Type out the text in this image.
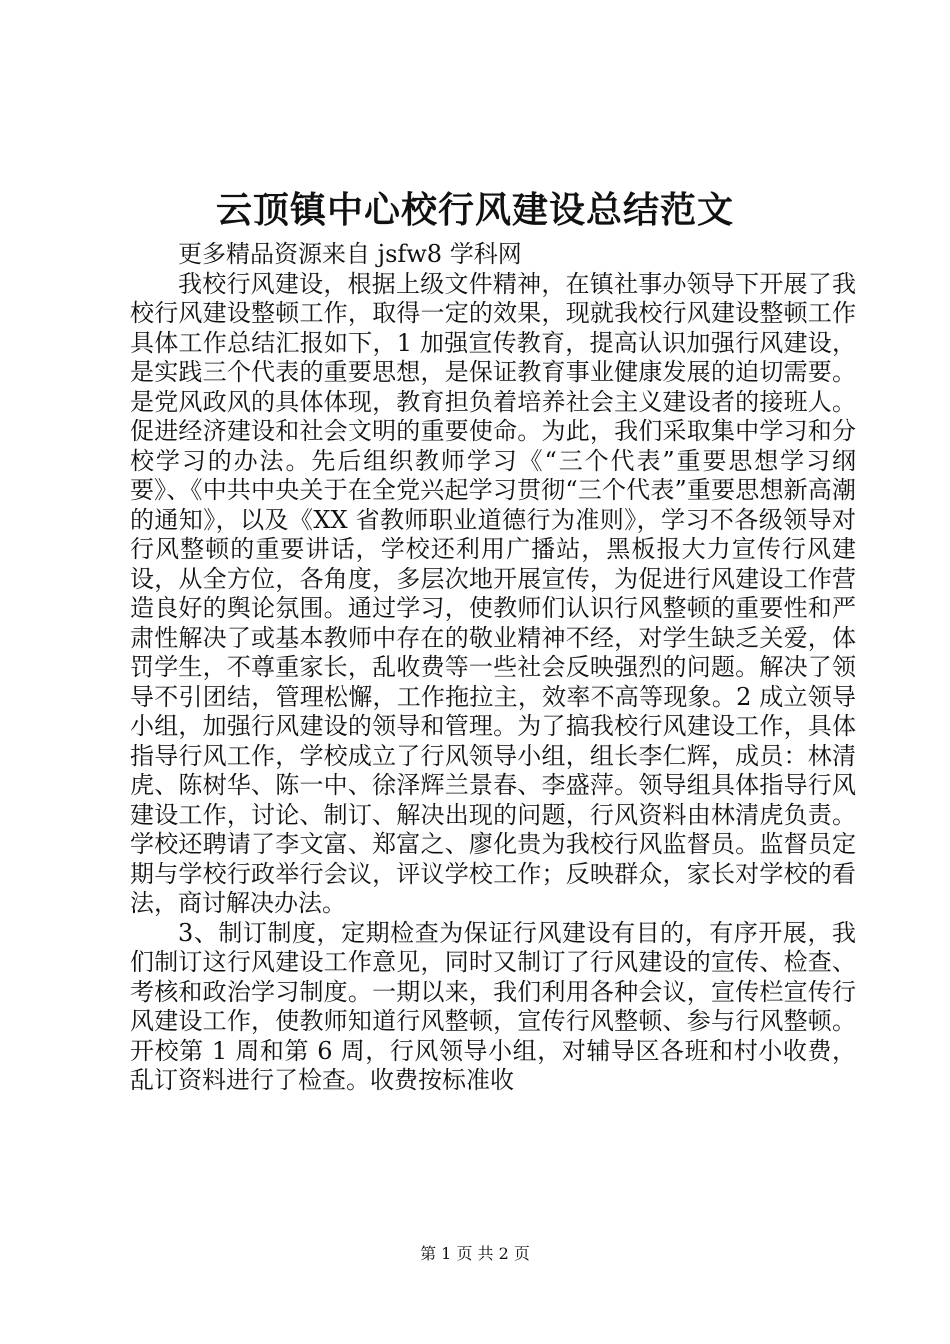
云顶镇中心校行风建设总结范文

更多精品资源来自 jsfw8 学科网

我校行风建设，根据上级文件精神，在镇社事办领导下开展了我校行风建设整顿工作，取得一定的效果，现就我校行风建设整顿工作具体工作总结汇报如下，1 加强宣传教育，提高认识加强行风建设，是实践三个代表的重要思想，是保证教育事业健康发展的迫切需要。是党风政风的具体体现，教育担负着培养社会主义建设者的接班人。促进经济建设和社会文明的重要使命。为此，我们采取集中学习和分校学习的办法。先后组织教师学习《“三个代表”重要思想学习纲要》、《中共中央关于在全党兴起学习贯彻“三个代表”重要思想新高潮的通知》，以及《XX 省教师职业道德行为准则》，学习不各级领导对行风整顿的重要讲话，学校还利用广播站，黑板报大力宣传行风建设，从全方位，各角度，多层次地开展宣传，为促进行风建设工作营造良好的舆论氛围。通过学习，使教师们认识行风整顿的重要性和严肃性解决了或基本教师中存在的敬业精神不经，对学生缺乏关爱，体罚学生，不尊重家长，乱收费等一些社会反映强烈的问题。解决了领导不引团结，管理松懈，工作拖拉主，效率不高等现象。2 成立领导小组，加强行风建设的领导和管理。为了搞我校行风建设工作，具体指导行风工作，学校成立了行风领导小组，组长李仁辉，成员：林清虎、陈树华、陈一中、徐泽辉兰景春、李盛萍。领导组具体指导行风建设工作，讨论、制订、解决出现的问题，行风资料由林清虎负责。学校还聘请了李文富、郑富之、廖化贵为我校行风监督员。监督员定期与学校行政举行会议，评议学校工作；反映群众，家长对学校的看法，商讨解决办法。

3、制订制度，定期检查为保证行风建设有目的，有序开展，我们制订这行风建设工作意见，同时又制订了行风建设的宣传、检查、考核和政治学习制度。一期以来，我们利用各种会议，宣传栏宣传行风建设工作，使教师知道行风整顿，宣传行风整顿、参与行风整顿。开校第 1 周和第 6 周，行风领导小组，对辅导区各班和村小收费，乱订资料进行了检查。收费按标准收

第 1 页 共 2 页
